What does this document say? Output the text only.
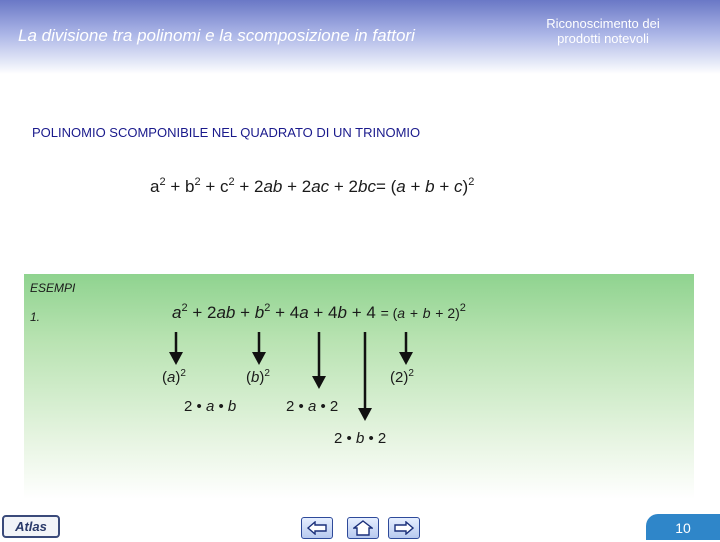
La divisione tra polinomi e la scomposizione in fattori
Riconoscimento dei
prodotti notevoli
POLINOMIO SCOMPONIBILE NEL QUADRATO DI UN TRINOMIO
$a^2 + b^2 + c^2 + 2ab + 2ac + 2bc= (a + b + c)^2$
ESEMPI
1.	$a^2 + 2ab + b^2 + 4a + 4b + 4 = (a + b + 2)^2$
$(a)^2$	$(b)^2$	$(2)^2$
2 • a • b	2 • a • 2
2 • b • 2
Atlas	10
